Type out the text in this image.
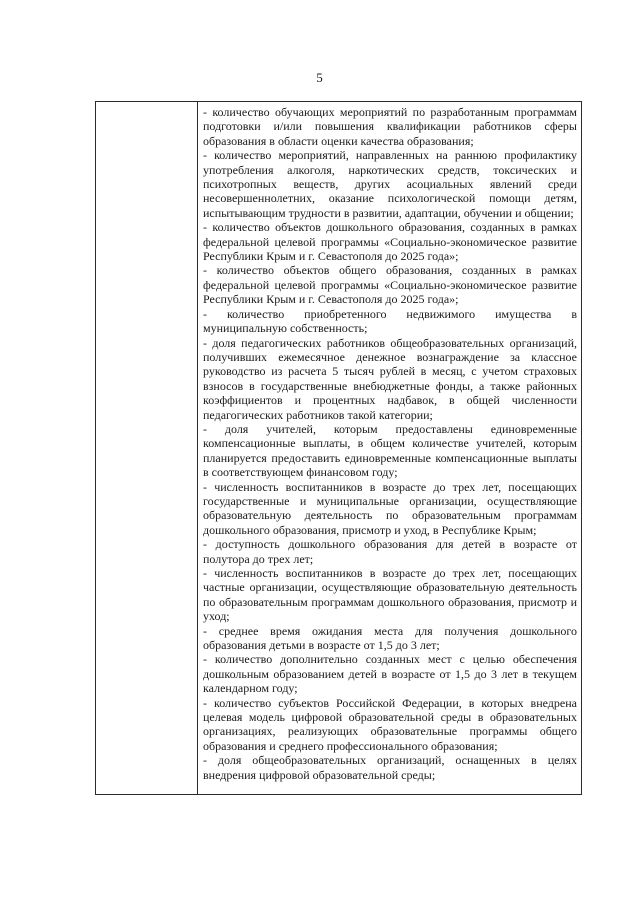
5

- количество обучающих мероприятий по разработанным программам подготовки и/или повышения квалификации работников сферы образования в области оценки качества образования;

- количество мероприятий, направленных на раннюю профилактику употребления алкоголя, наркотических средств, токсических и психотропных веществ, других асоциальных явлений среди несовершеннолетних, оказание психологической помощи детям, испытывающим трудности в развитии, адаптации, обучении и общении;

- количество объектов дошкольного образования, созданных в рамках федеральной целевой программы «Социально-экономическое развитие Республики Крым и г. Севастополя до 2025 года»;

- количество объектов общего образования, созданных в рамках федеральной целевой программы «Социально-экономическое развитие Республики Крым и г. Севастополя до 2025 года»;

- количество приобретенного недвижимого имущества в муниципальную собственность;

- доля педагогических работников общеобразовательных организаций, получивших ежемесячное денежное вознаграждение за классное руководство из расчета 5 тысяч рублей в месяц, с учетом страховых взносов в государственные внебюджетные фонды, а также районных коэффициентов и процентных надбавок, в общей численности педагогических работников такой категории;

- доля учителей, которым предоставлены единовременные компенсационные выплаты, в общем количестве учителей, которым планируется предоставить единовременные компенсационные выплаты в соответствующем финансовом году;

- численность воспитанников в возрасте до трех лет, посещающих государственные и муниципальные организации, осуществляющие образовательную деятельность по образовательным программам дошкольного образования, присмотр и уход, в Республике Крым;

- доступность дошкольного образования для детей в возрасте от полутора до трех лет;

- численность воспитанников в возрасте до трех лет, посещающих частные организации, осуществляющие образовательную деятельность по образовательным программам дошкольного образования, присмотр и уход;

- среднее время ожидания места для получения дошкольного образования детьми в возрасте от 1,5 до 3 лет;

- количество дополнительно созданных мест с целью обеспечения дошкольным образованием детей в возрасте от 1,5 до 3 лет в текущем календарном году;

- количество субъектов Российской Федерации, в которых внедрена целевая модель цифровой образовательной среды в образовательных организациях, реализующих образовательные программы общего образования и среднего профессионального образования;

- доля общеобразовательных организаций, оснащенных в целях внедрения цифровой образовательной среды;
